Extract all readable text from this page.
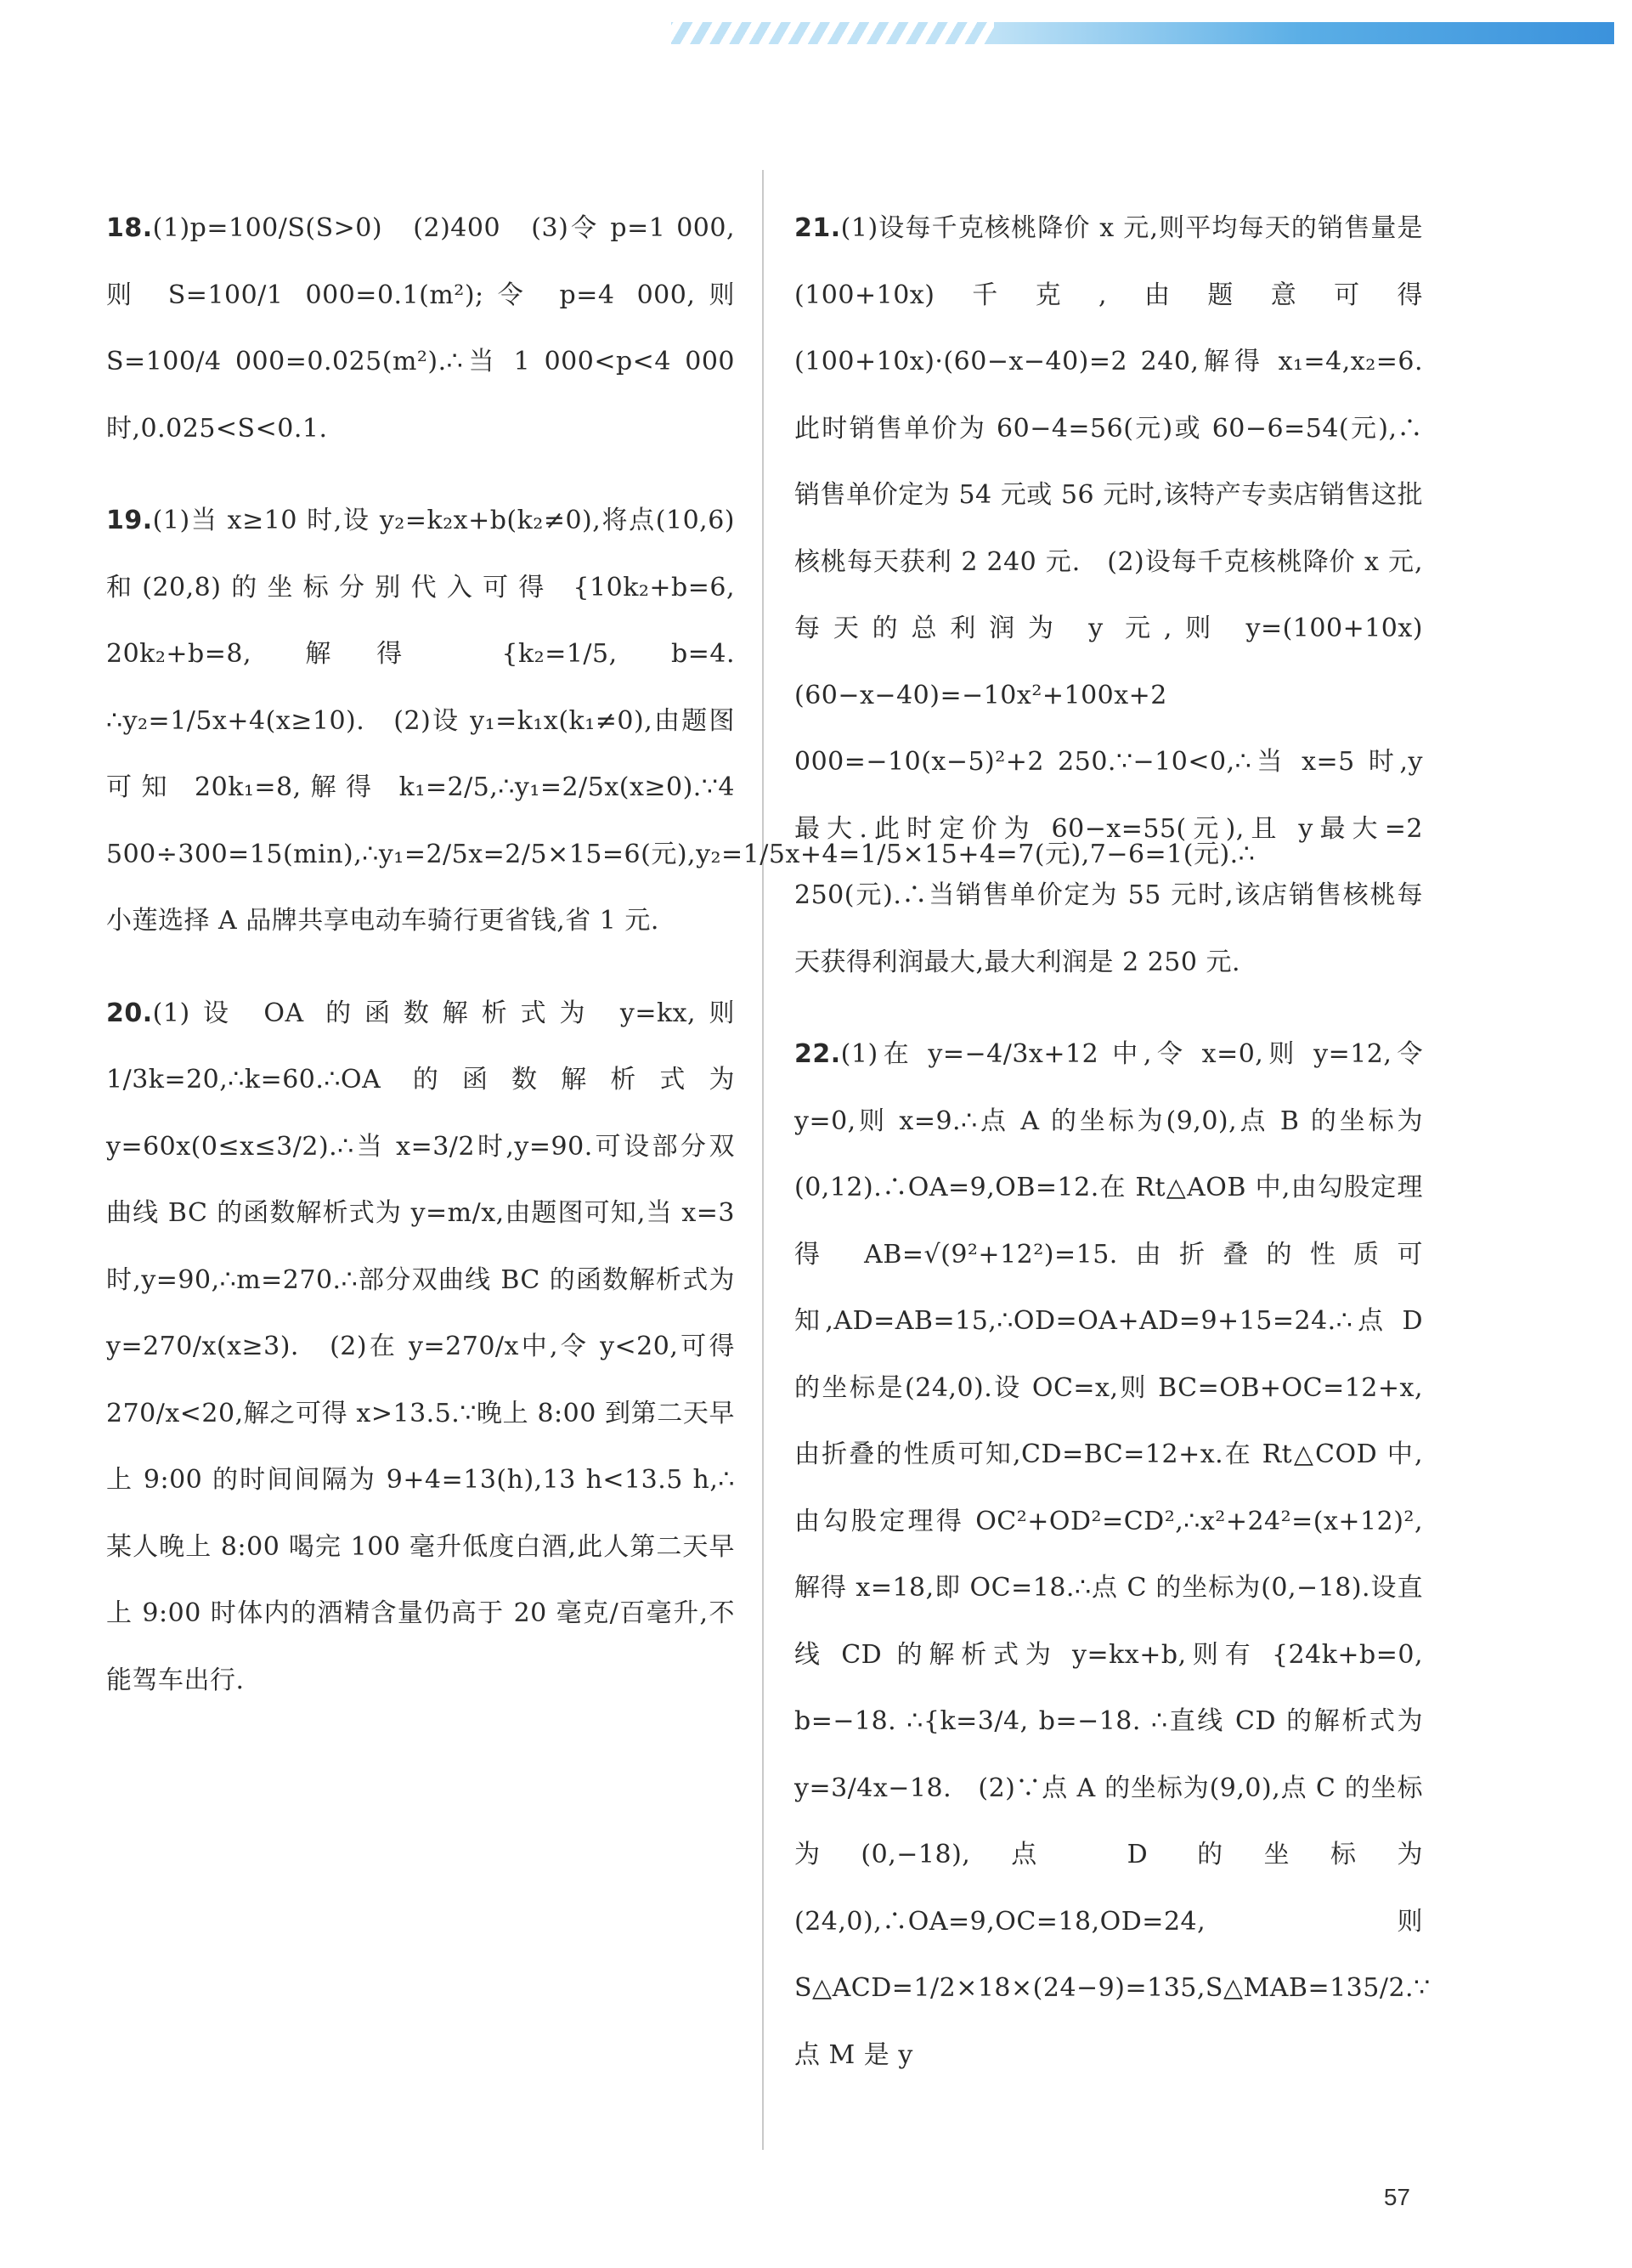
18.(1)p=100/S(S>0)　(2)400　(3)令 p=1 000,则 S=100/1 000=0.1(m²);令 p=4 000,则 S=100/4 000=0.025(m²).∴当 1 000<p<4 000 时,0.025<S<0.1.

19.(1)当 x≥10 时,设 y₂=k₂x+b(k₂≠0),将点(10,6)和(20,8)的坐标分别代入可得 {10k₂+b=6, 20k₂+b=8, 解得 {k₂=1/5, b=4. ∴y₂=1/5x+4(x≥10).　(2)设 y₁=k₁x(k₁≠0),由题图可知 20k₁=8,解得 k₁=2/5,∴y₁=2/5x(x≥0).∵4 500÷300=15(min),∴y₁=2/5x=2/5×15=6(元),y₂=1/5x+4=1/5×15+4=7(元),7−6=1(元).∴小莲选择 A 品牌共享电动车骑行更省钱,省 1 元.

20.(1)设 OA 的函数解析式为 y=kx,则1/3k=20,∴k=60.∴OA 的函数解析式为 y=60x(0≤x≤3/2).∴当 x=3/2时,y=90.可设部分双曲线 BC 的函数解析式为 y=m/x,由题图可知,当 x=3 时,y=90,∴m=270.∴部分双曲线 BC 的函数解析式为 y=270/x(x≥3).　(2)在 y=270/x中,令 y<20,可得270/x<20,解之可得 x>13.5.∵晚上 8:00 到第二天早上 9:00 的时间间隔为 9+4=13(h),13 h<13.5 h,∴某人晚上 8:00 喝完 100 毫升低度白酒,此人第二天早上 9:00 时体内的酒精含量仍高于 20 毫克/百毫升,不能驾车出行.

21.(1)设每千克核桃降价 x 元,则平均每天的销售量是(100+10x)千克,由题意可得(100+10x)·(60−x−40)=2 240,解得 x₁=4,x₂=6.此时销售单价为 60−4=56(元)或 60−6=54(元),∴销售单价定为 54 元或 56 元时,该特产专卖店销售这批核桃每天获利 2 240 元.　(2)设每千克核桃降价 x 元,每天的总利润为 y 元,则 y=(100+10x)(60−x−40)=−10x²+100x+2 000=−10(x−5)²+2 250.∵−10<0,∴当 x=5 时,y 最大.此时定价为 60−x=55(元),且 y最大=2 250(元).∴当销售单价定为 55 元时,该店销售核桃每天获得利润最大,最大利润是 2 250 元.

22.(1)在 y=−4/3x+12 中,令 x=0,则 y=12,令 y=0,则 x=9.∴点 A 的坐标为(9,0),点 B 的坐标为(0,12).∴OA=9,OB=12.在 Rt△AOB 中,由勾股定理得 AB=√(9²+12²)=15.由折叠的性质可知,AD=AB=15,∴OD=OA+AD=9+15=24.∴点 D 的坐标是(24,0).设 OC=x,则 BC=OB+OC=12+x,由折叠的性质可知,CD=BC=12+x.在 Rt△COD 中,由勾股定理得 OC²+OD²=CD²,∴x²+24²=(x+12)²,解得 x=18,即 OC=18.∴点 C 的坐标为(0,−18).设直线 CD 的解析式为 y=kx+b,则有 {24k+b=0, b=−18. ∴{k=3/4, b=−18. ∴直线 CD 的解析式为 y=3/4x−18.　(2)∵点 A 的坐标为(9,0),点 C 的坐标为(0,−18),点 D 的坐标为(24,0),∴OA=9,OC=18,OD=24,则 S△ACD=1/2×18×(24−9)=135,S△MAB=135/2.∵点 M 是 y

57
